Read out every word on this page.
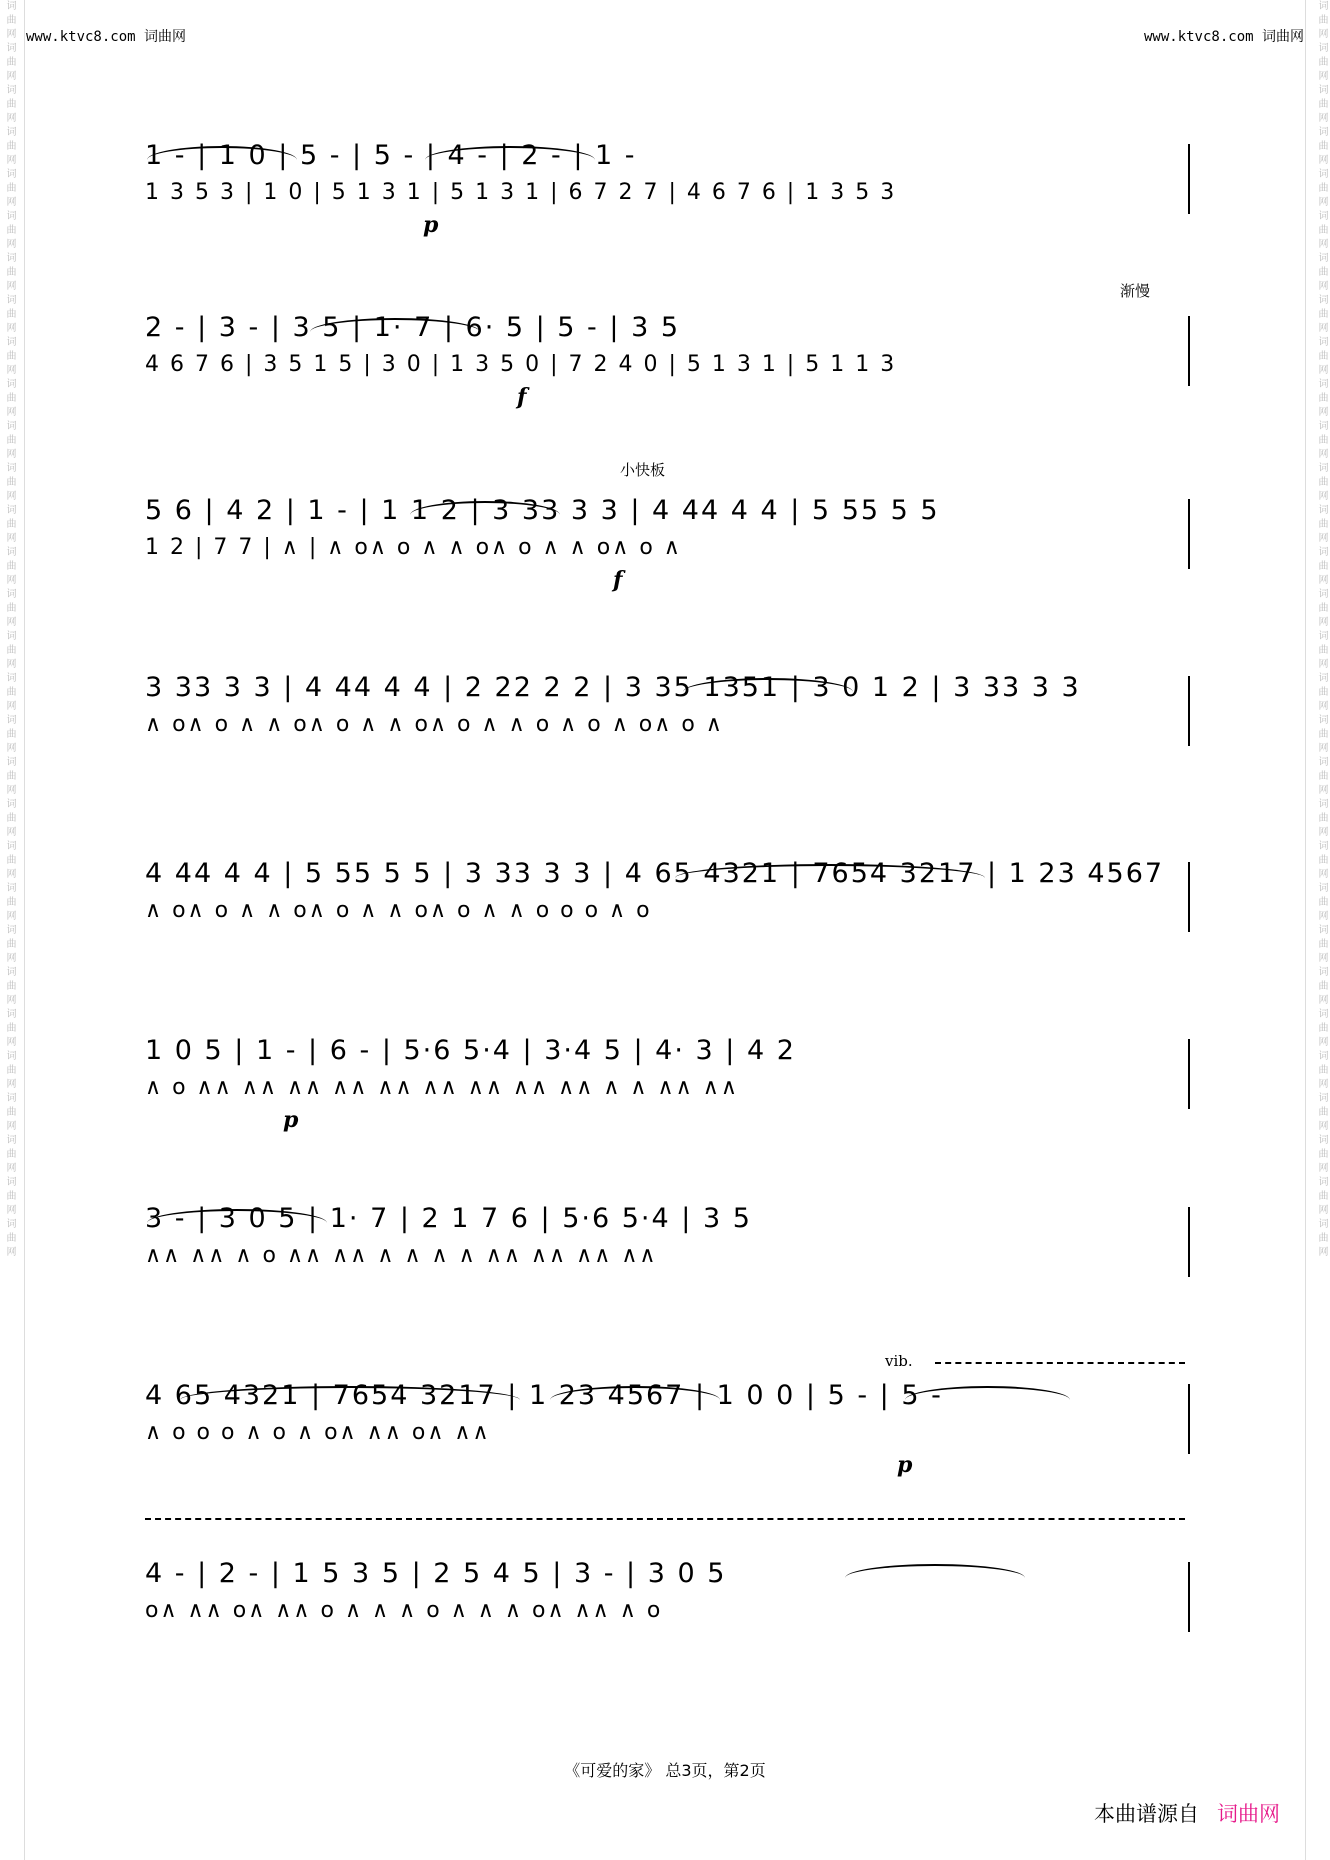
词曲网词曲网词曲网词曲网词曲网词曲网词曲网词曲网词曲网词曲网词曲网词曲网词曲网词曲网词曲网词曲网词曲网词曲网词曲网词曲网词曲网词曲网词曲网词曲网词曲网词曲网词曲网词曲网词曲网词曲网	词曲网词曲网词曲网词曲网词曲网词曲网词曲网词曲网词曲网词曲网词曲网词曲网词曲网词曲网词曲网词曲网词曲网词曲网词曲网词曲网词曲网词曲网词曲网词曲网词曲网词曲网词曲网词曲网词曲网词曲网
www.ktvc8.com 词曲网	www.ktvc8.com 词曲网
1 - | 1 0 | 5 - | 5 - | 4 - | 2 - | 1 -
1 3 5 3 | 1 0 | 5 1 3 1 | 5 1 3 1 | 6 7 2 7 | 4 6 7 6 | 1 3 5 3
p
渐慢
2 - | 3 - | 3 5 | 1· 7 | 6· 5 | 5 - | 3 5
4 6 7 6 | 3 5 1 5 | 3 0 | 1 3 5 0 | 7 2 4 0 | 5 1 3 1 | 5 1 1 3
f
小快板
5 6 | 4 2 | 1 - | 1 1 2 | 3 33 3 3 | 4 44 4 4 | 5 55 5 5
1 2 | 7 7 | ∧ | ∧ o∧ o ∧ ∧ o∧ o ∧ ∧ o∧ o ∧
f
3 33 3 3 | 4 44 4 4 | 2 22 2 2 | 3 35 1351 | 3 0 1 2 | 3 33 3 3
∧ o∧ o ∧ ∧ o∧ o ∧ ∧ o∧ o ∧ ∧ o ∧ o ∧ o∧ o ∧
4 44 4 4 | 5 55 5 5 | 3 33 3 3 | 4 65 4321 | 7654 3217 | 1 23 4567
∧ o∧ o ∧ ∧ o∧ o ∧ ∧ o∧ o ∧ ∧ o o o ∧ o
1 0 5 | 1 - | 6 - | 5·6 5·4 | 3·4 5 | 4· 3 | 4 2
∧ o ∧∧ ∧∧ ∧∧ ∧∧ ∧∧ ∧∧ ∧∧ ∧∧ ∧∧ ∧ ∧ ∧∧ ∧∧
p
3 - | 3 0 5 | 1· 7 | 2 1 7 6 | 5·6 5·4 | 3 5
∧∧ ∧∧ ∧ o ∧∧ ∧∧ ∧ ∧ ∧ ∧ ∧∧ ∧∧ ∧∧ ∧∧
vib.
4 65 4321 | 7654 3217 | 1 23 4567 | 1 0 0 | 5 - | 5 -
∧ o o o ∧ o ∧ o∧ ∧∧ o∧ ∧∧
p
4 - | 2 - | 1 5 3 5 | 2 5 4 5 | 3 - | 3 0 5
o∧ ∧∧ o∧ ∧∧ o ∧ ∧ ∧ o ∧ ∧ ∧ o∧ ∧∧ ∧ o
《可爱的家》 总3页，第2页
本曲谱源自 词曲网
